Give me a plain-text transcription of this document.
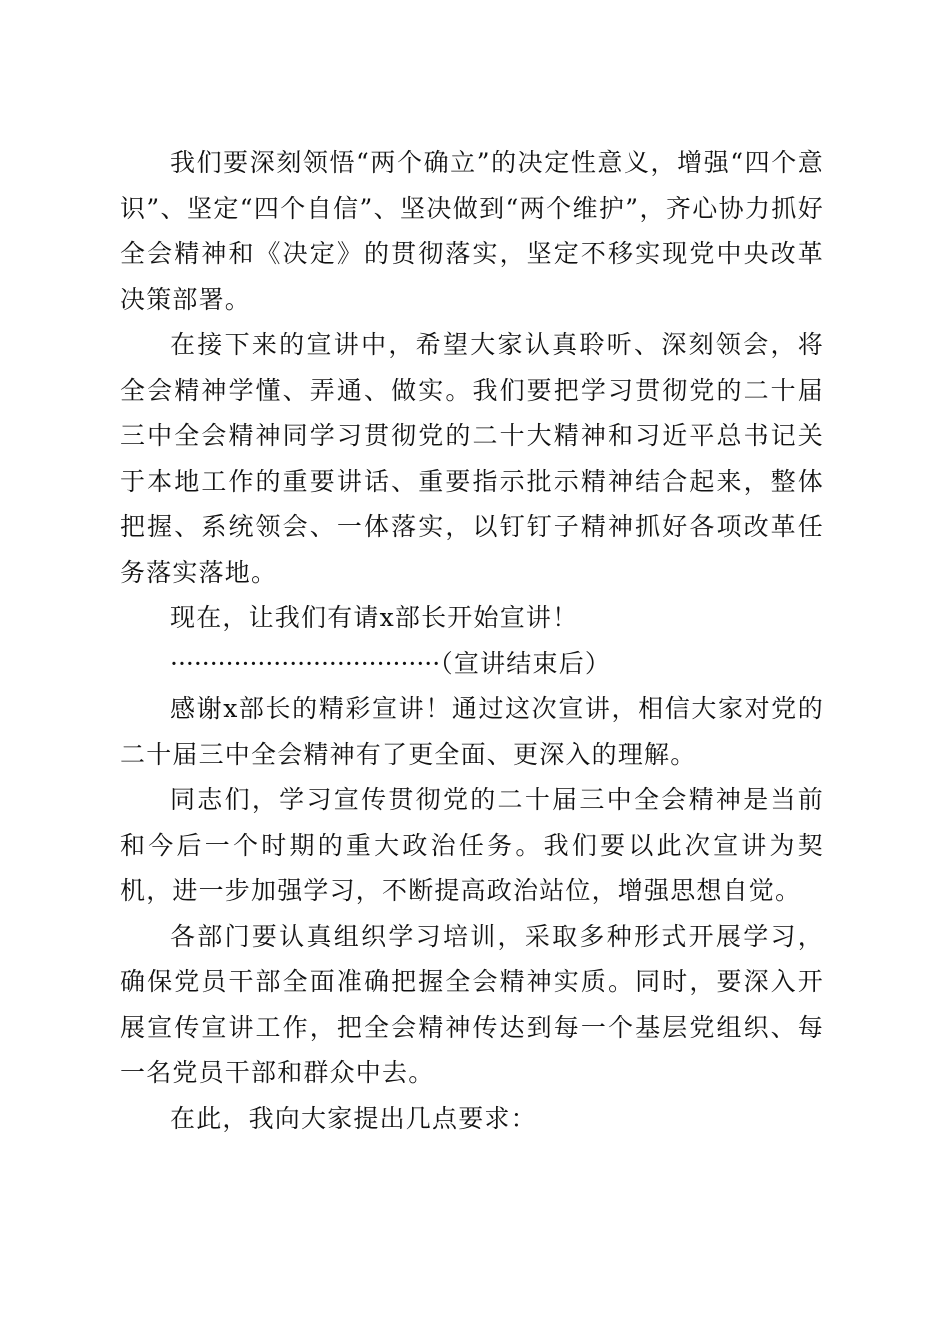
我们要深刻领悟“两个确立”的决定性意义，增强“四个意识”、坚定“四个自信”、坚决做到“两个维护”，齐心协力抓好全会精神和《决定》的贯彻落实，坚定不移实现党中央改革决策部署。

在接下来的宣讲中，希望大家认真聆听、深刻领会，将全会精神学懂、弄通、做实。我们要把学习贯彻党的二十届三中全会精神同学习贯彻党的二十大精神和习近平总书记关于本地工作的重要讲话、重要指示批示精神结合起来，整体把握、系统领会、一体落实，以钉钉子精神抓好各项改革任务落实落地。

现在，让我们有请x部长开始宣讲！

··································（宣讲结束后）

感谢x部长的精彩宣讲！通过这次宣讲，相信大家对党的二十届三中全会精神有了更全面、更深入的理解。

同志们，学习宣传贯彻党的二十届三中全会精神是当前和今后一个时期的重大政治任务。我们要以此次宣讲为契机，进一步加强学习，不断提高政治站位，增强思想自觉。

各部门要认真组织学习培训，采取多种形式开展学习，确保党员干部全面准确把握全会精神实质。同时，要深入开展宣传宣讲工作，把全会精神传达到每一个基层党组织、每一名党员干部和群众中去。

在此，我向大家提出几点要求：
